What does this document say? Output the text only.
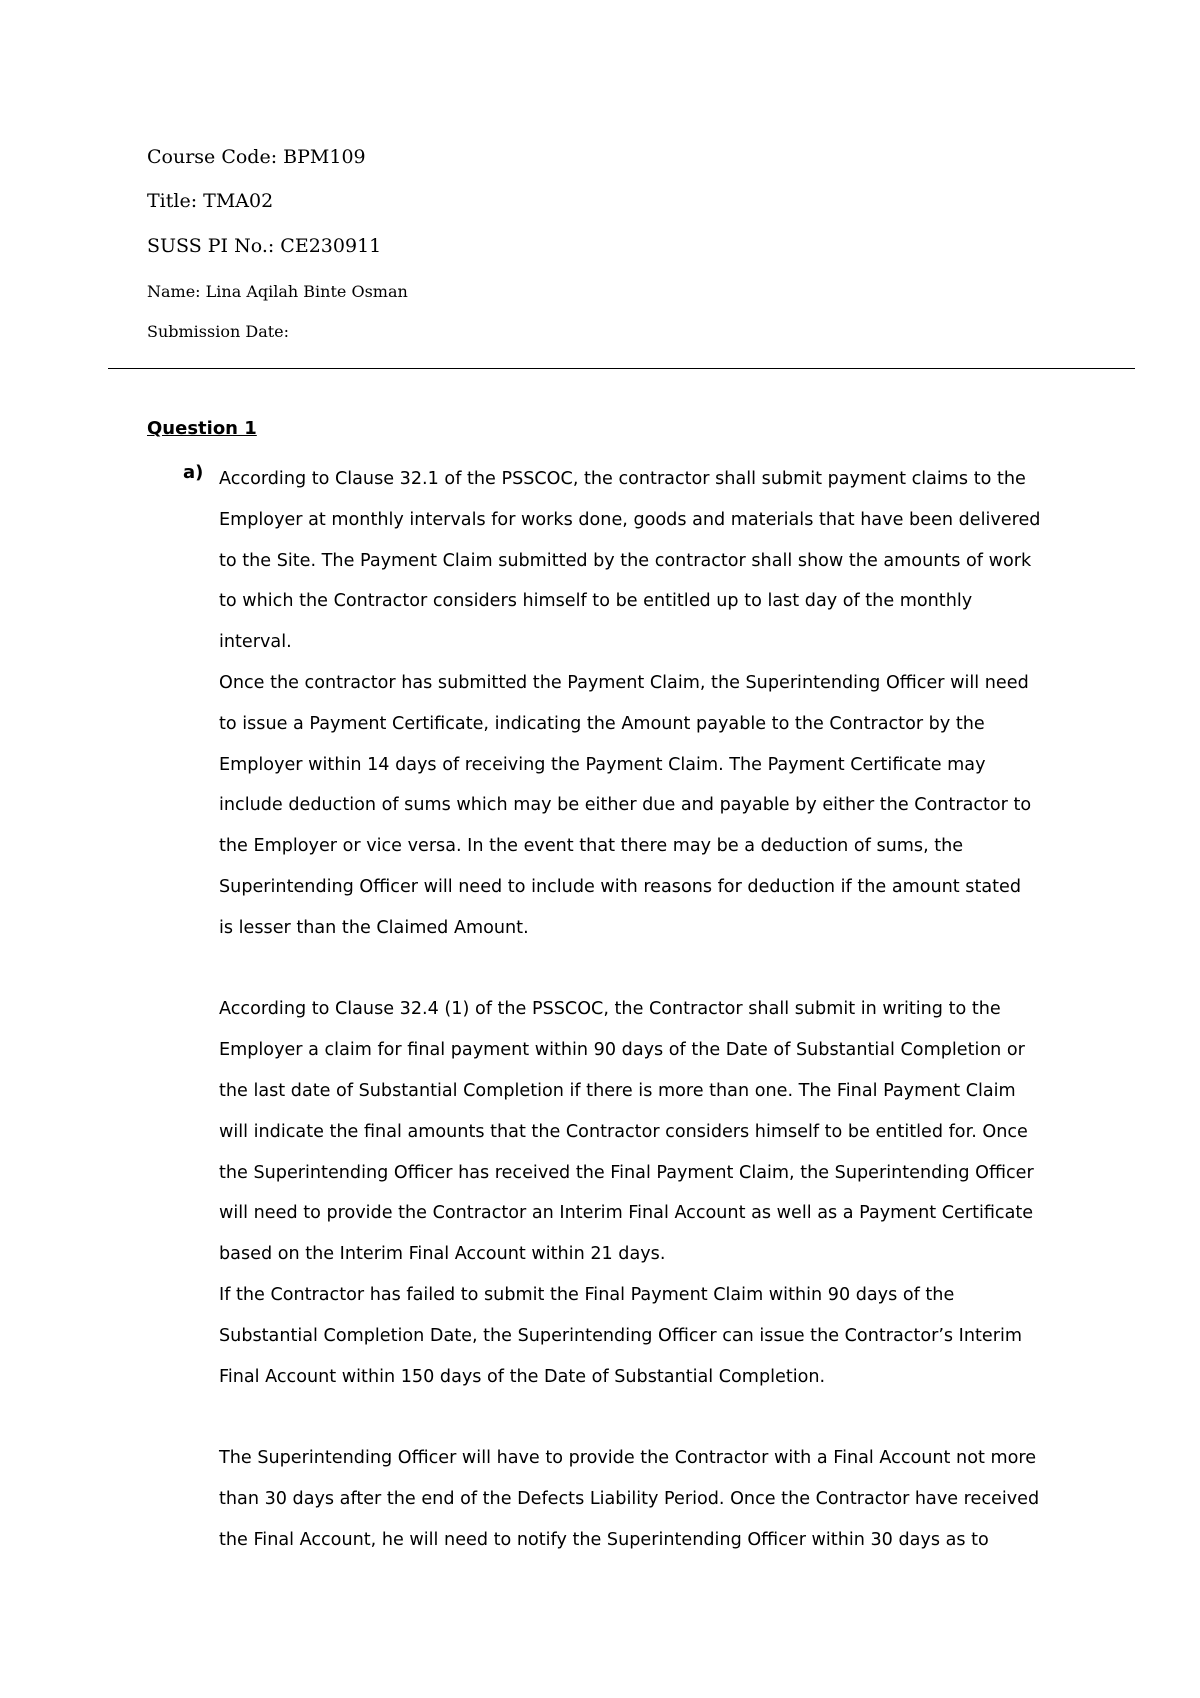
Course Code: BPM109
Title: TMA02
SUSS PI No.: CE230911
Name: Lina Aqilah Binte Osman
Submission Date:
Question 1
a) According to Clause 32.1 of the PSSCOC, the contractor shall submit payment claims to the
Employer at monthly intervals for works done, goods and materials that have been delivered
to the Site. The Payment Claim submitted by the contractor shall show the amounts of work
to which the Contractor considers himself to be entitled up to last day of the monthly
interval.
Once the contractor has submitted the Payment Claim, the Superintending Officer will need
to issue a Payment Certificate, indicating the Amount payable to the Contractor by the
Employer within 14 days of receiving the Payment Claim. The Payment Certificate may
include deduction of sums which may be either due and payable by either the Contractor to
the Employer or vice versa. In the event that there may be a deduction of sums, the
Superintending Officer will need to include with reasons for deduction if the amount stated
is lesser than the Claimed Amount.
According to Clause 32.4 (1) of the PSSCOC, the Contractor shall submit in writing to the
Employer a claim for final payment within 90 days of the Date of Substantial Completion or
the last date of Substantial Completion if there is more than one. The Final Payment Claim
will indicate the final amounts that the Contractor considers himself to be entitled for. Once
the Superintending Officer has received the Final Payment Claim, the Superintending Officer
will need to provide the Contractor an Interim Final Account as well as a Payment Certificate
based on the Interim Final Account within 21 days.
If the Contractor has failed to submit the Final Payment Claim within 90 days of the
Substantial Completion Date, the Superintending Officer can issue the Contractor’s Interim
Final Account within 150 days of the Date of Substantial Completion.
The Superintending Officer will have to provide the Contractor with a Final Account not more
than 30 days after the end of the Defects Liability Period. Once the Contractor have received
the Final Account, he will need to notify the Superintending Officer within 30 days as to
